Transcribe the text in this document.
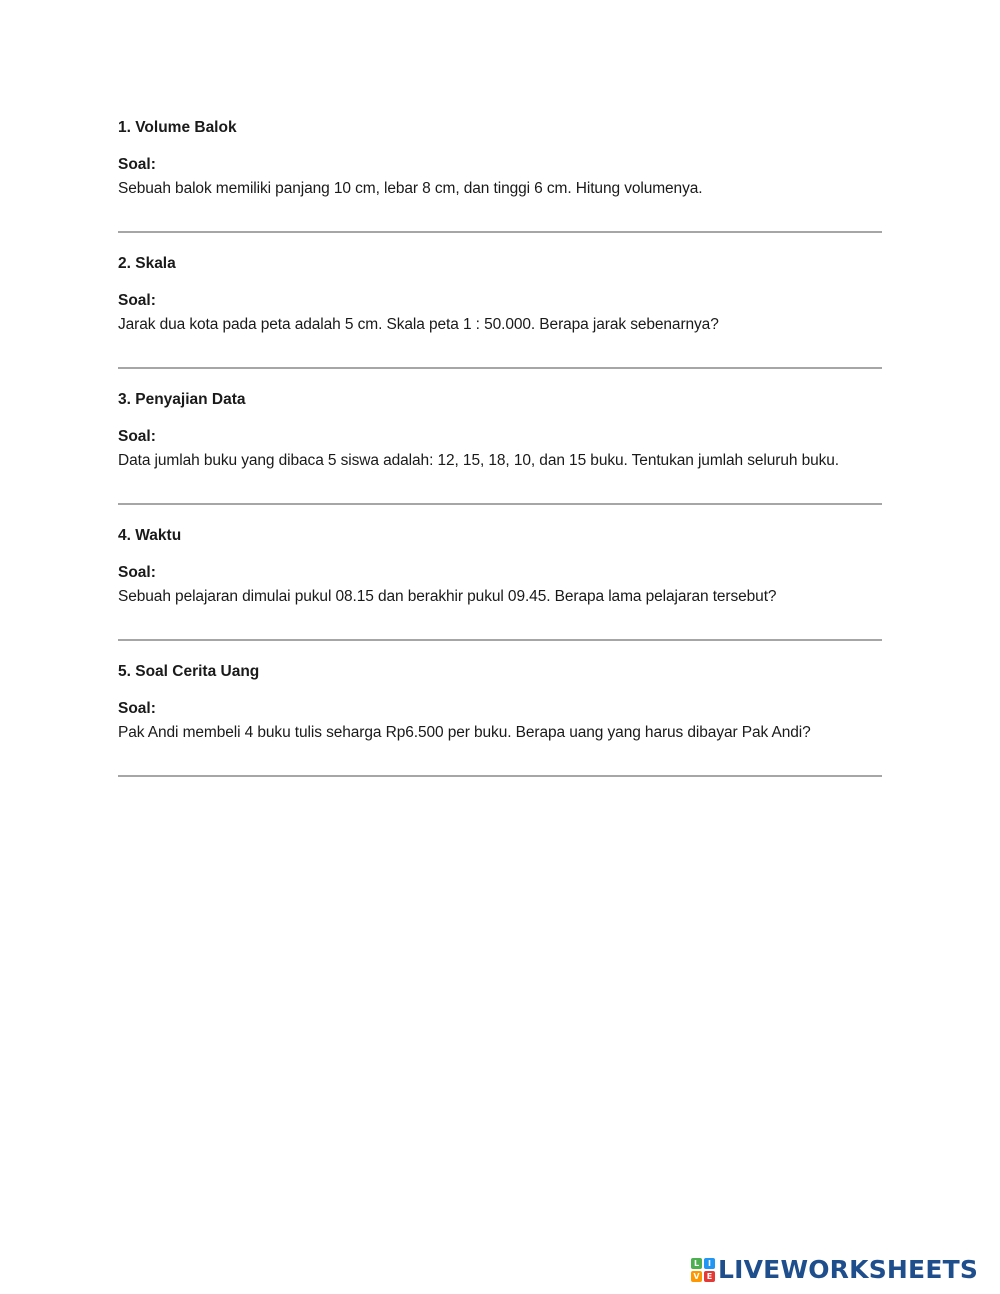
1. Volume Balok
Soal:
Sebuah balok memiliki panjang 10 cm, lebar 8 cm, dan tinggi 6 cm. Hitung volumenya.
2. Skala
Soal:
Jarak dua kota pada peta adalah 5 cm. Skala peta 1 : 50.000. Berapa jarak sebenarnya?
3. Penyajian Data
Soal:
Data jumlah buku yang dibaca 5 siswa adalah: 12, 15, 18, 10, dan 15 buku. Tentukan jumlah seluruh buku.
4. Waktu
Soal:
Sebuah pelajaran dimulai pukul 08.15 dan berakhir pukul 09.45. Berapa lama pelajaran tersebut?
5. Soal Cerita Uang
Soal:
Pak Andi membeli 4 buku tulis seharga Rp6.500 per buku. Berapa uang yang harus dibayar Pak Andi?
L	I
V E LIVEWORKSHEETS
